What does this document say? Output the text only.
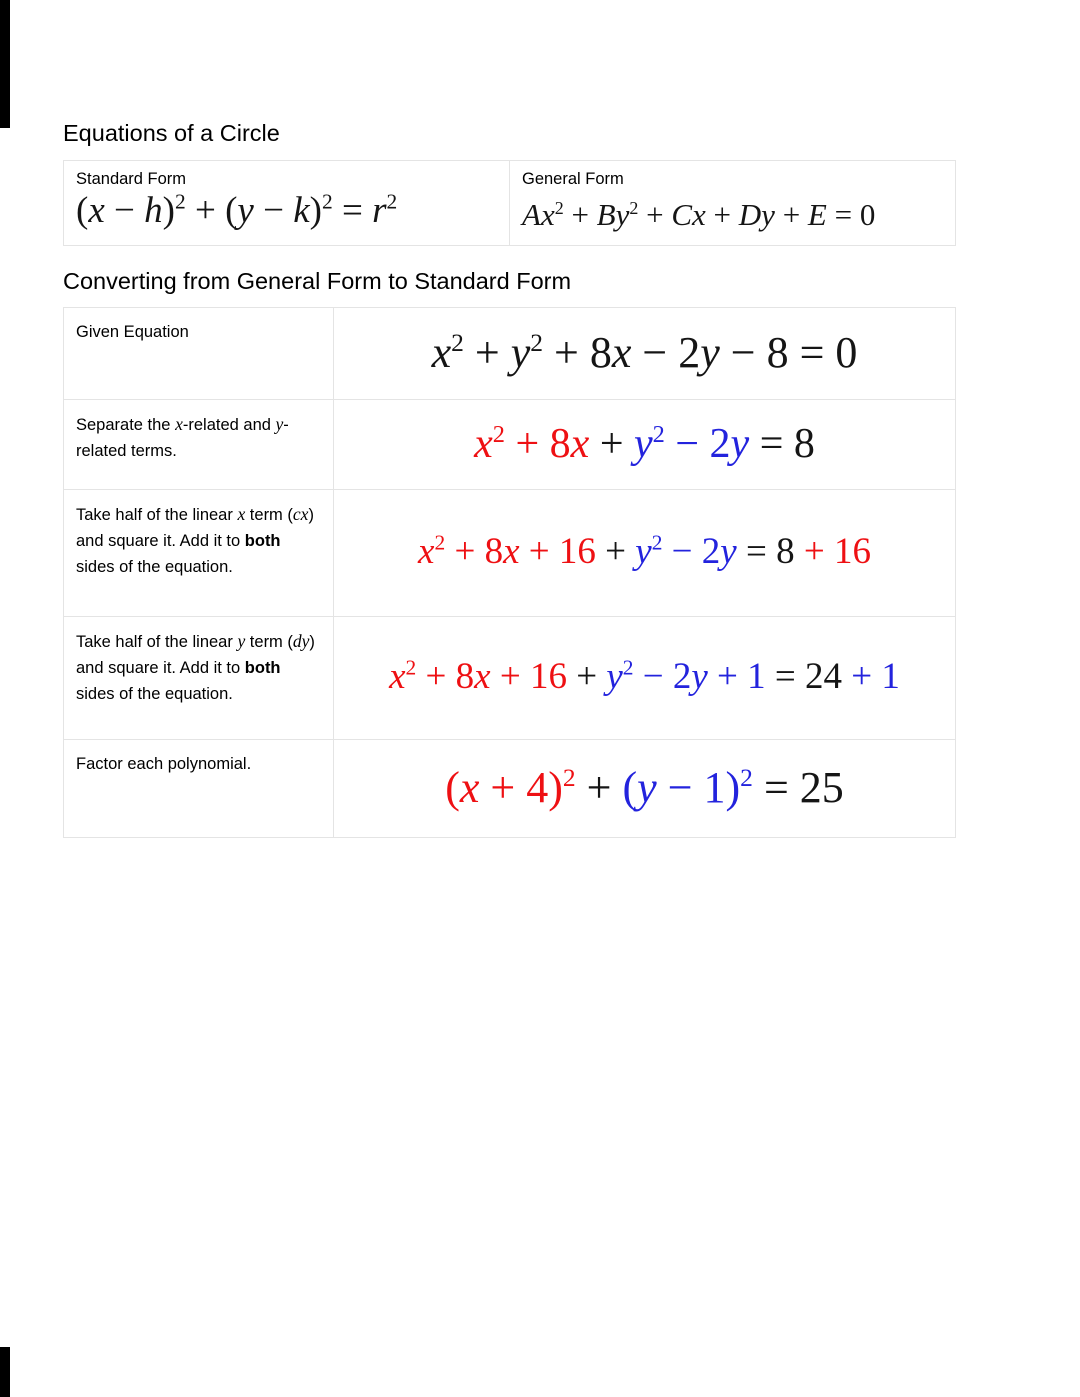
Equations of a Circle
Standard Form
$(x - h)^2 + (y - k)^2 = r^2$

General Form
$Ax^2 + By^2 + Cx + Dy + E = 0$
Converting from General Form to Standard Form
Given Equation	$x^2 + y^2 + 8x - 2y - 8 = 0$

Separate the x-related and y-related terms.	$x^2 + 8x + y^2 - 2y = 8$

Take half of the linear x term (cx) and square it. Add it to both sides of the equation.	$x^2 + 8x + 16 + y^2 - 2y = 8 + 16$

Take half of the linear y term (dy) and square it. Add it to both sides of the equation.	$x^2 + 8x + 16 + y^2 - 2y + 1 = 24 + 1$

Factor each polynomial.	$(x + 4)^2 + (y - 1)^2 = 25$
